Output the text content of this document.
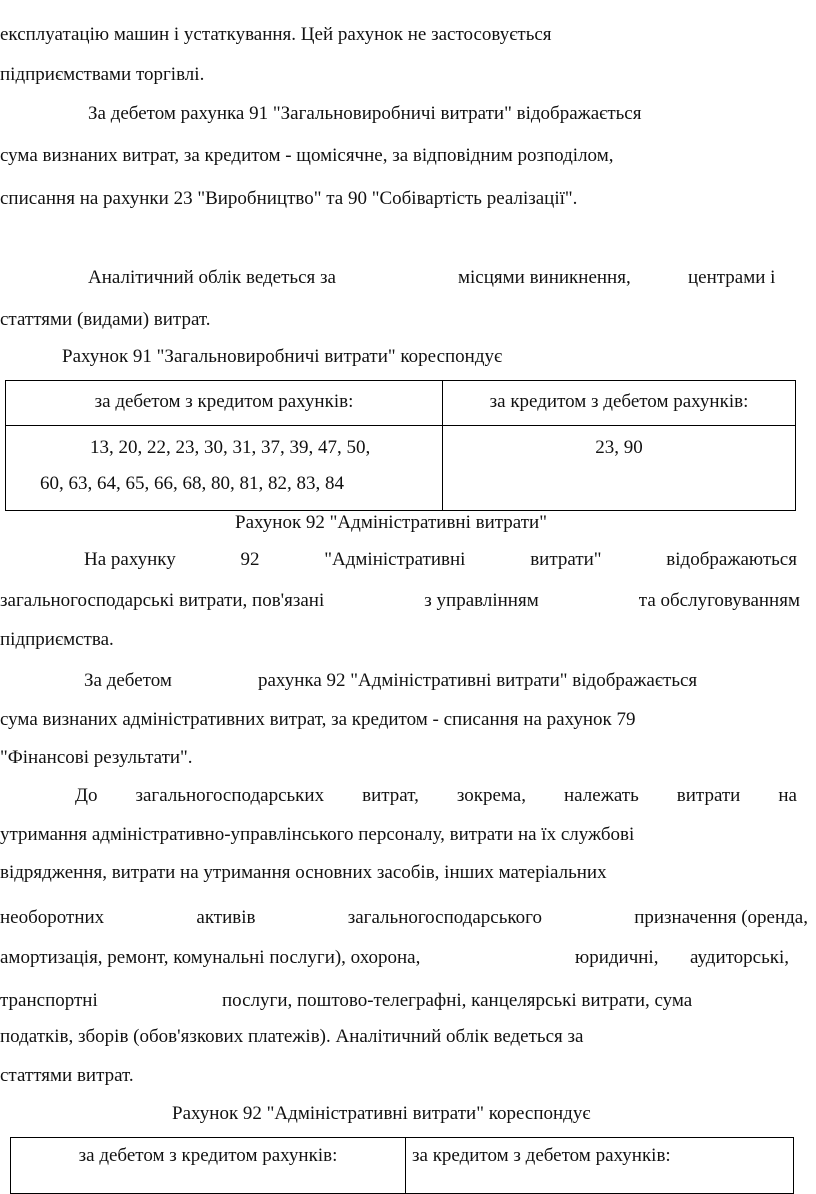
експлуатацію машин і устаткування. Цей рахунок не застосовується
підприємствами торгівлі.
За дебетом рахунка 91 "Загальновиробничі витрати" відображається
сума визнаних витрат, за кредитом - щомісячне, за відповідним розподілом,
списання на рахунки 23 "Виробництво" та 90 "Собівартість реалізації".
Аналітичний облік ведеться за	місцями виникнення,	центрами і
статтями (видами) витрат.
Рахунок 91 "Загальновиробничі витрати" кореспондує
за дебетом з кредитом рахунків:	за кредитом з дебетом рахунків:

13, 20, 22, 23, 30, 31, 37, 39, 47, 50,
60, 63, 64, 65, 66, 68, 80, 81, 82, 83, 84	23, 90
Рахунок 92 "Адміністративні витрати"
На рахунку	92	"Адміністративні	витрати"	відображаються
загальногосподарські витрати, пов'язані	з управлінням	та обслуговуванням
підприємства.
За дебетом	рахунка 92 "Адміністративні витрати" відображається
сума визнаних адміністративних витрат, за кредитом - списання на рахунок 79
"Фінансові результати".
До загальногосподарських витрат, зокрема, належать витрати на
утримання адміністративно-управлінського персоналу, витрати на їх службові
відрядження, витрати на утримання основних засобів, інших матеріальних
необоротних	активів	загальногосподарського	призначення (оренда,
амортизація, ремонт, комунальні послуги), охорона,	юридичні, аудиторські,
транспортні	послуги, поштово-телеграфні, канцелярські витрати, сума
податків, зборів (обов'язкових платежів). Аналітичний облік ведеться за
статтями витрат.
Рахунок 92 "Адміністративні витрати" кореспондує
за дебетом з кредитом рахунків:	за кредитом з дебетом рахунків:
